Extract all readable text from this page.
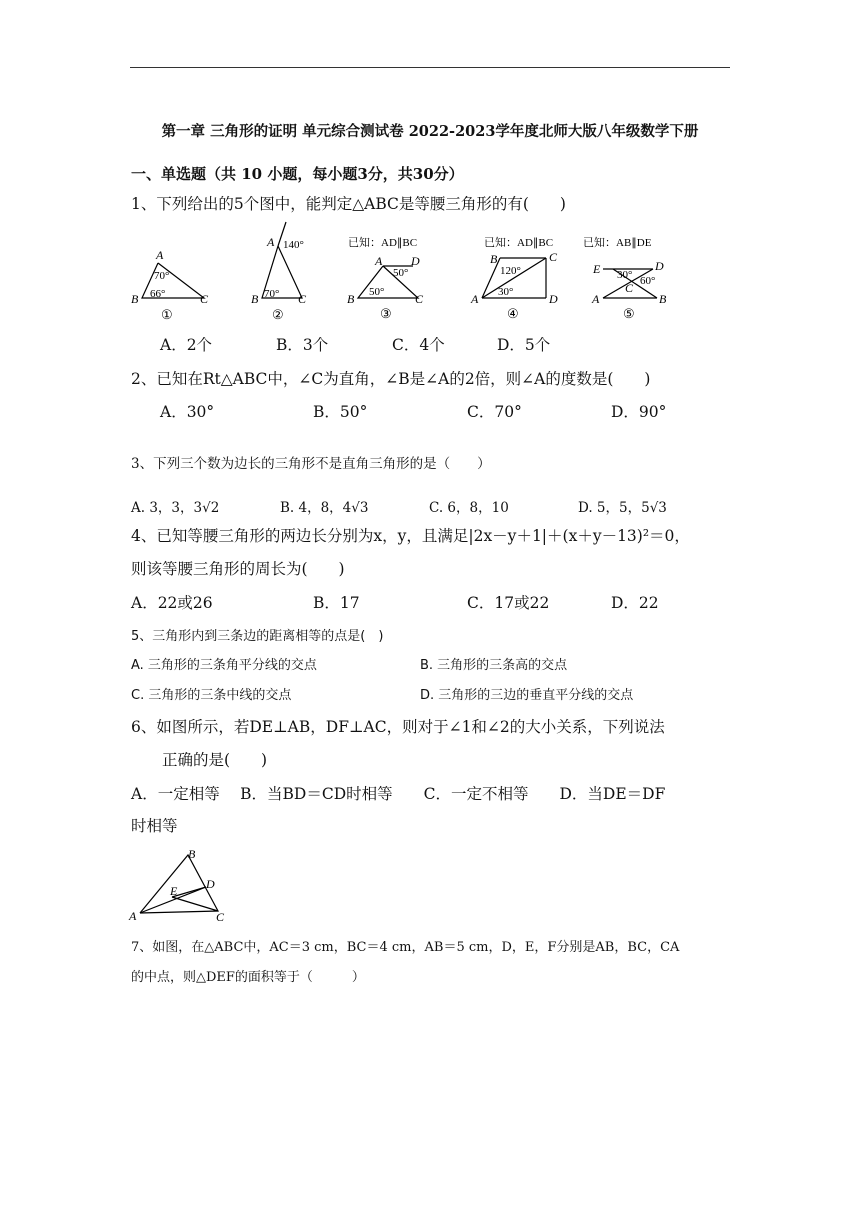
第一章 三角形的证明 单元综合测试卷 2022-2023学年度北师大版八年级数学下册
一、单选题（共 10 小题，每小题3分，共30分）
1、下列给出的5个图中，能判定△ABC是等腰三角形的有(　　)
A
B	C
70°
66°
①
A 140°
B	C
70°
②
已知：AD∥BC
A D
50°
B	C
50°
③
已知：AD∥BC
B	C
120°
A	D
30°
④
已知：AB∥DE
E	D
30° 60°
C
A	B
⑤
A．2个	B．3个	C．4个	D．5个
2、已知在Rt△ABC中，∠C为直角，∠B是∠A的2倍，则∠A的度数是(　　)
A．30°	B．50°	C．70°	D．90°
3、下列三个数为边长的三角形不是直角三角形的是（　　）
A. 3，3，3√2	B. 4，8，4√3	C. 6，8，10	D. 5，5，5√3
4、已知等腰三角形的两边长分别为x，y，且满足|2x－y＋1|＋(x＋y－13)²＝0，
则该等腰三角形的周长为(　　)
A．22或26	B．17	C．17或22	D．22
5、三角形内到三条边的距离相等的点是(　)
A. 三角形的三条角平分线的交点	B. 三角形的三条高的交点
C. 三角形的三条中线的交点	D. 三角形的三边的垂直平分线的交点
6、如图所示，若DE⊥AB，DF⊥AC，则对于∠1和∠2的大小关系，下列说法
正确的是(　　)
A．一定相等　 B．当BD＝CD时相等　　C．一定不相等　　D．当DE＝DF
时相等
B
D
E
A	C
7、如图，在△ABC中，AC＝3 cm，BC＝4 cm，AB＝5 cm，D，E，F分别是AB，BC，CA
的中点，则△DEF的面积等于（　　　）
